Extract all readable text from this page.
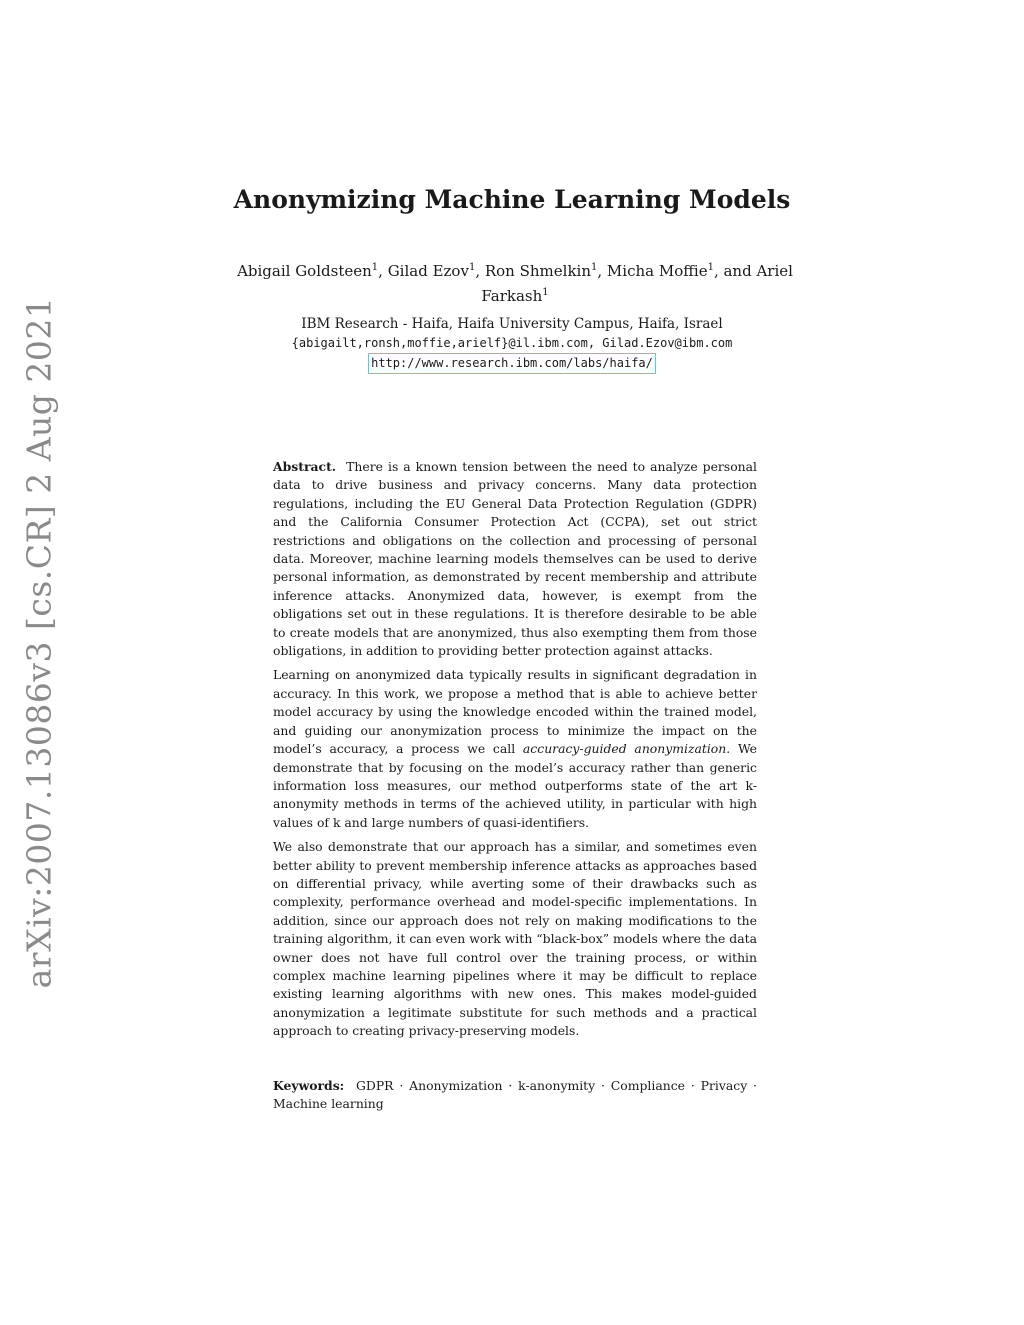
arXiv:2007.13086v3 [cs.CR] 2 Aug 2021
Anonymizing Machine Learning Models
Abigail Goldsteen$^1$, Gilad Ezov$^1$, Ron Shmelkin$^1$, Micha Moffie$^1$, and Ariel Farkash$^1$
IBM Research - Haifa, Haifa University Campus, Haifa, Israel
{abigailt,ronsh,moffie,arielf}@il.ibm.com, Gilad.Ezov@ibm.com
http://www.research.ibm.com/labs/haifa/

Abstract. There is a known tension between the need to analyze personal data to drive business and privacy concerns. Many data protection regulations, including the EU General Data Protection Regulation (GDPR) and the California Consumer Protection Act (CCPA), set out strict restrictions and obligations on the collection and processing of personal data. Moreover, machine learning models themselves can be used to derive personal information, as demonstrated by recent membership and attribute inference attacks. Anonymized data, however, is exempt from the obligations set out in these regulations. It is therefore desirable to be able to create models that are anonymized, thus also exempting them from those obligations, in addition to providing better protection against attacks.

Learning on anonymized data typically results in significant degradation in accuracy. In this work, we propose a method that is able to achieve better model accuracy by using the knowledge encoded within the trained model, and guiding our anonymization process to minimize the impact on the model’s accuracy, a process we call accuracy-guided anonymization. We demonstrate that by focusing on the model’s accuracy rather than generic information loss measures, our method outperforms state of the art k-anonymity methods in terms of the achieved utility, in particular with high values of k and large numbers of quasi-identifiers.

We also demonstrate that our approach has a similar, and sometimes even better ability to prevent membership inference attacks as approaches based on differential privacy, while averting some of their drawbacks such as complexity, performance overhead and model-specific implementations. In addition, since our approach does not rely on making modifications to the training algorithm, it can even work with “black-box” models where the data owner does not have full control over the training process, or within complex machine learning pipelines where it may be difficult to replace existing learning algorithms with new ones. This makes model-guided anonymization a legitimate substitute for such methods and a practical approach to creating privacy-preserving models.

Keywords: GDPR · Anonymization · k-anonymity · Compliance · Privacy · Machine learning
